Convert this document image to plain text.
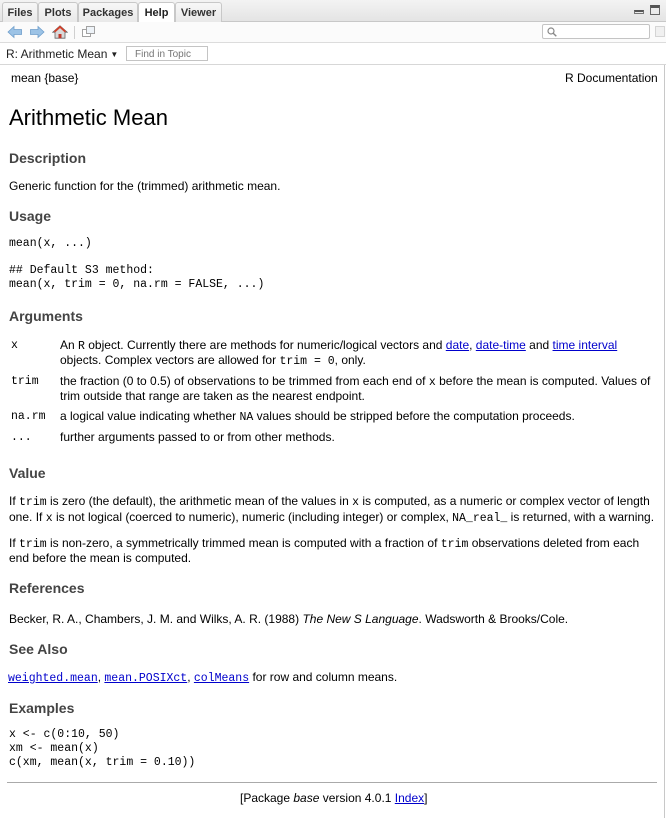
Files	Plots	Packages	Help	Viewer
R: Arithmetic Mean ▼
Find in Topic
mean {base}	R Documentation
Arithmetic Mean
Description
Generic function for the (trimmed) arithmetic mean.
Usage
mean(x, ...)
## Default S3 method:
mean(x, trim = 0, na.rm = FALSE, ...)
Arguments
x	An R object. Currently there are methods for numeric/logical vectors and date, date-time and time interval
objects. Complex vectors are allowed for trim = 0, only.
trim the fraction (0 to 0.5) of observations to be trimmed from each end of x before the mean is computed. Values of
trim outside that range are taken as the nearest endpoint.
na.rm a logical value indicating whether NA values should be stripped before the computation proceeds.
... further arguments passed to or from other methods.
Value
If trim is zero (the default), the arithmetic mean of the values in x is computed, as a numeric or complex vector of length
one. If x is not logical (coerced to numeric), numeric (including integer) or complex, NA_real_ is returned, with a warning.
If trim is non-zero, a symmetrically trimmed mean is computed with a fraction of trim observations deleted from each
end before the mean is computed.
References
Becker, R. A., Chambers, J. M. and Wilks, A. R. (1988) The New S Language. Wadsworth & Brooks/Cole.
See Also
weighted.mean, mean.POSIXct, colMeans for row and column means.
Examples
x <- c(0:10, 50)
xm <- mean(x)
c(xm, mean(x, trim = 0.10))
[Package base version 4.0.1 Index]
